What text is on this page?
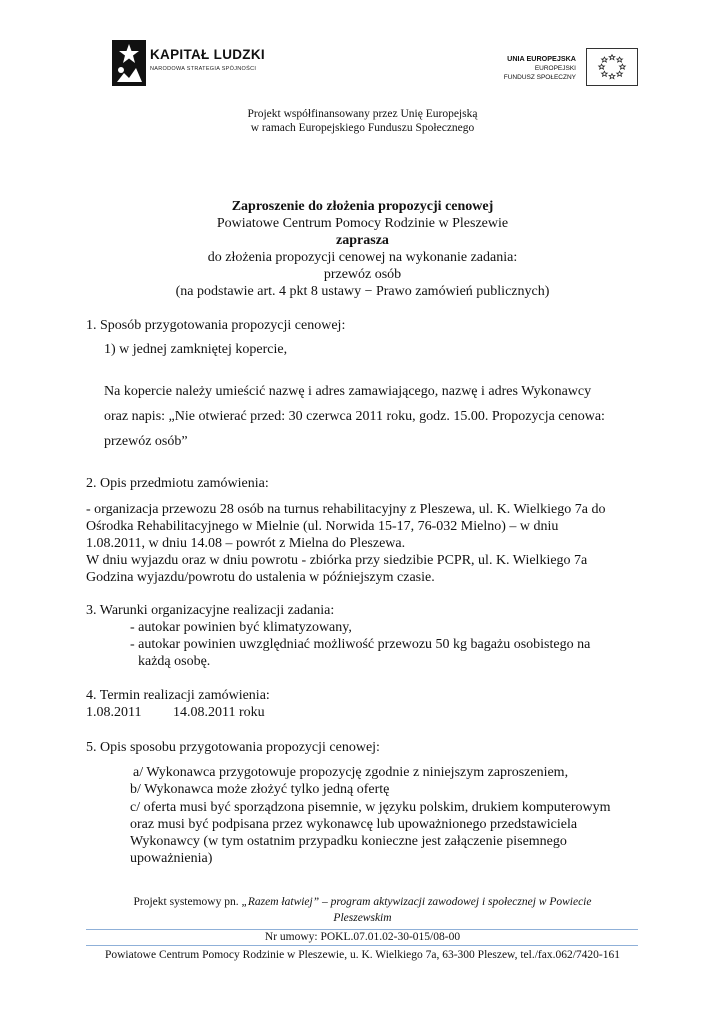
KAPITAŁ LUDZKI
NARODOWA STRATEGIA SPÓJNOŚCI
UNIA EUROPEJSKA
EUROPEJSKI
FUNDUSZ SPOŁECZNY
Projekt współfinansowany przez Unię Europejską
w ramach Europejskiego Funduszu Społecznego
Zaproszenie do złożenia propozycji cenowej
Powiatowe Centrum Pomocy Rodzinie w Pleszewie
zaprasza
do złożenia propozycji cenowej na wykonanie zadania:
przewóz osób
(na podstawie art. 4 pkt 8 ustawy − Prawo zamówień publicznych)
1. Sposób przygotowania propozycji cenowej:
1) w jednej zamkniętej kopercie,
Na kopercie należy umieścić nazwę i adres zamawiającego, nazwę i adres Wykonawcy
oraz napis: „Nie otwierać przed: 30 czerwca 2011 roku, godz. 15.00. Propozycja cenowa:
przewóz osób”
2. Opis przedmiotu zamówienia:
- organizacja przewozu 28 osób na turnus rehabilitacyjny z Pleszewa, ul. K. Wielkiego 7a do
Ośrodka Rehabilitacyjnego w Mielnie (ul. Norwida 15-17, 76-032 Mielno) – w dniu
1.08.2011, w dniu 14.08 – powrót z Mielna do Pleszewa.
W dniu wyjazdu oraz w dniu powrotu - zbiórka przy siedzibie PCPR, ul. K. Wielkiego 7a
Godzina wyjazdu/powrotu do ustalenia w późniejszym czasie.
3. Warunki organizacyjne realizacji zadania:
- autokar powinien być klimatyzowany,
- autokar powinien uwzględniać możliwość przewozu 50 kg bagażu osobistego na
każdą osobę.
4. Termin realizacji zamówienia:
1.08.2011 14.08.2011 roku
5. Opis sposobu przygotowania propozycji cenowej:
a/ Wykonawca przygotowuje propozycję zgodnie z niniejszym zaproszeniem,
b/ Wykonawca może złożyć tylko jedną ofertę
c/ oferta musi być sporządzona pisemnie, w języku polskim, drukiem komputerowym
oraz musi być podpisana przez wykonawcę lub upoważnionego przedstawiciela
Wykonawcy (w tym ostatnim przypadku konieczne jest załączenie pisemnego
upoważnienia)
Projekt systemowy pn. „Razem łatwiej” – program aktywizacji zawodowej i społecznej w Powiecie
Pleszewskim
Nr umowy: POKL.07.01.02-30-015/08-00
Powiatowe Centrum Pomocy Rodzinie w Pleszewie, u. K. Wielkiego 7a, 63-300 Pleszew, tel./fax.062/7420-161
